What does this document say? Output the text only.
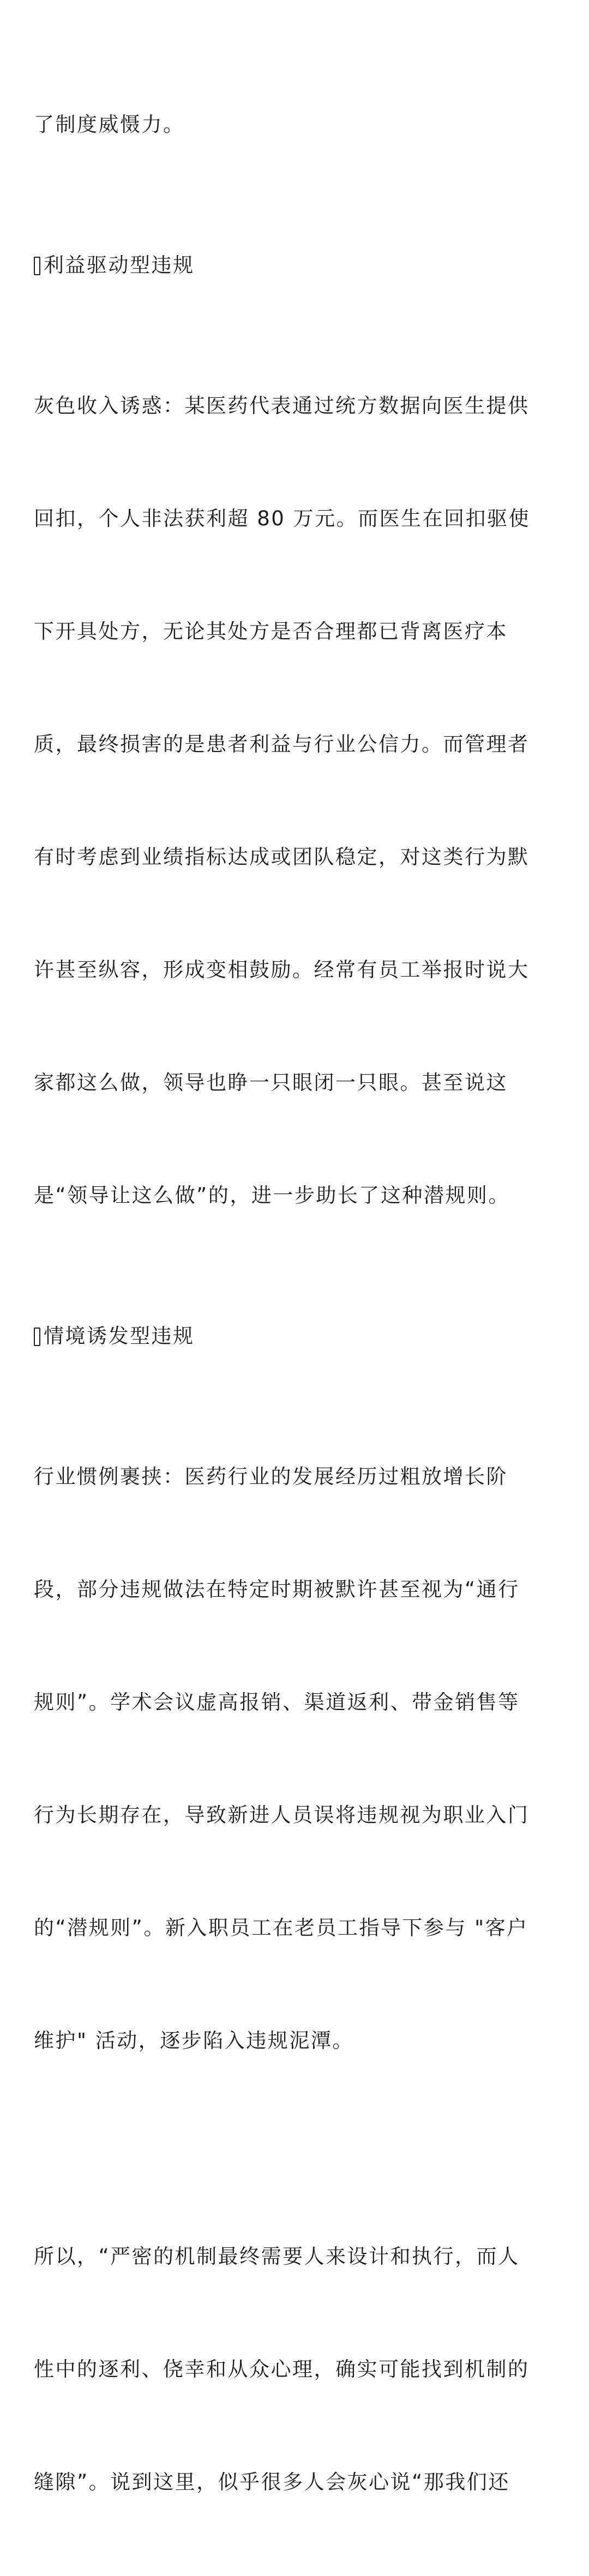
了制度威慑力。

利益驱动型违规

灰色收入诱惑：某医药代表通过统方数据向医生提供

回扣，个人非法获利超 80 万元。而医生在回扣驱使

下开具处方，无论其处方是否合理都已背离医疗本

质，最终损害的是患者利益与行业公信力。而管理者

有时考虑到业绩指标达成或团队稳定，对这类行为默

许甚至纵容，形成变相鼓励。经常有员工举报时说大

家都这么做，领导也睁一只眼闭一只眼。甚至说这

是“领导让这么做”的，进一步助长了这种潜规则。

情境诱发型违规

行业惯例裹挟：医药行业的发展经历过粗放增长阶

段，部分违规做法在特定时期被默许甚至视为“通行

规则”。学术会议虚高报销、渠道返利、带金销售等

行为长期存在，导致新进人员误将违规视为职业入门

的“潜规则”。新入职员工在老员工指导下参与 "客户

维护" 活动，逐步陷入违规泥潭。

所以，“严密的机制最终需要人来设计和执行，而人

性中的逐利、侥幸和从众心理，确实可能找到机制的

缝隙”。说到这里，似乎很多人会灰心说“那我们还
